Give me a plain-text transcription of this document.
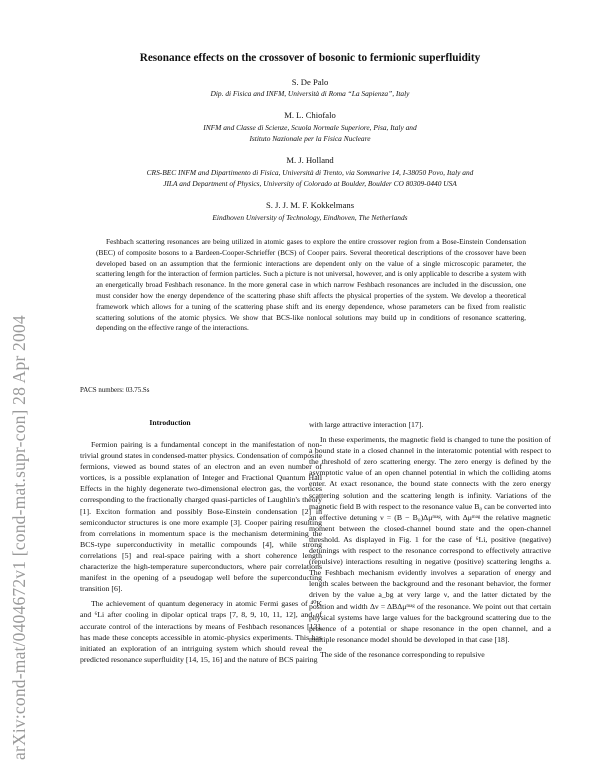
arXiv:cond-mat/0404672v1 [cond-mat.supr-con] 28 Apr 2004
Resonance effects on the crossover of bosonic to fermionic superfluidity
S. De Palo
Dip. di Fisica and INFM, Università di Roma “La Sapienza”, Italy
M. L. Chiofalo
INFM and Classe di Scienze, Scuola Normale Superiore, Pisa, Italy and
Istituto Nazionale per la Fisica Nucleare
M. J. Holland
CRS-BEC INFM and Dipartimento di Fisica, Università di Trento, via Sommarive 14, I-38050 Povo, Italy and
JILA and Department of Physics, University of Colorado at Boulder, Boulder CO 80309-0440 USA
S. J. J. M. F. Kokkelmans
Eindhoven University of Technology, Eindhoven, The Netherlands

Feshbach scattering resonances are being utilized in atomic gases to explore the entire crossover region from a Bose-Einstein Condensation (BEC) of composite bosons to a Bardeen-Cooper-Schrieffer (BCS) of Cooper pairs. Several theoretical descriptions of the crossover have been developed based on an assumption that the fermionic interactions are dependent only on the value of a single microscopic parameter, the scattering length for the interaction of fermion particles. Such a picture is not universal, however, and is only applicable to describe a system with an energetically broad Feshbach resonance. In the more general case in which narrow Feshbach resonances are included in the discussion, one must consider how the energy dependence of the scattering phase shift affects the physical properties of the system. We develop a theoretical framework which allows for a tuning of the scattering phase shift and its energy dependence, whose parameters can be fixed from realistic scattering solutions of the atomic physics. We show that BCS-like nonlocal solutions may build up in conditions of resonance scattering, depending on the effective range of the interactions.

PACS numbers: 03.75.Ss
Introduction

Fermion pairing is a fundamental concept in the manifestation of non-trivial ground states in condensed-matter physics. Condensation of composite fermions, viewed as bound states of an electron and an even number of vortices, is a possible explanation of Integer and Fractional Quantum Hall Effects in the highly degenerate two-dimensional electron gas, the vortices corresponding to the fractionally charged quasi-particles of Laughlin's theory [1]. Exciton formation and possibly Bose-Einstein condensation [2] in semiconductor structures is one more example [3]. Cooper pairing resulting from correlations in momentum space is the mechanism determining the BCS-type superconductivity in metallic compounds [4], while strong correlations [5] and real-space pairing with a short coherence length characterize the high-temperature superconductors, where pair correlations manifest in the opening of a pseudogap well before the superconducting transition [6].

The achievement of quantum degeneracy in atomic Fermi gases of ⁴⁰K and ⁶Li after cooling in dipolar optical traps [7, 8, 9, 10, 11, 12], and of accurate control of the interactions by means of Feshbach resonances [13], has made these concepts accessible in atomic-physics experiments. This has initiated an exploration of an intriguing system which should reveal the predicted resonance superfluidity [14, 15, 16] and the nature of BCS pairing

with large attractive interaction [17].

In these experiments, the magnetic field is changed to tune the position of a bound state in a closed channel in the interatomic potential with respect to the threshold of zero scattering energy. The zero energy is defined by the asymptotic value of an open channel potential in which the colliding atoms enter. At exact resonance, the bound state connects with the zero energy scattering solution and the scattering length is infinity. Variations of the magnetic field B with respect to the resonance value B₀ can be converted into an effective detuning ν = (B − B₀)Δμᵐᵃᵍ, with Δμᵐᵃᵍ the relative magnetic moment between the closed-channel bound state and the open-channel threshold. As displayed in Fig. 1 for the case of ⁶Li, positive (negative) detunings with respect to the resonance correspond to effectively attractive (repulsive) interactions resulting in negative (positive) scattering lengths a. The Feshbach mechanism evidently involves a separation of energy and length scales between the background and the resonant behavior, the former driven by the value a_bg at very large ν, and the latter dictated by the position and width Δν = ΔBΔμᵐᵃᵍ of the resonance. We point out that certain physical systems have large values for the background scattering due to the presence of a potential or shape resonance in the open channel, and a multiple resonance model should be developed in that case [18].

The side of the resonance corresponding to repulsive
